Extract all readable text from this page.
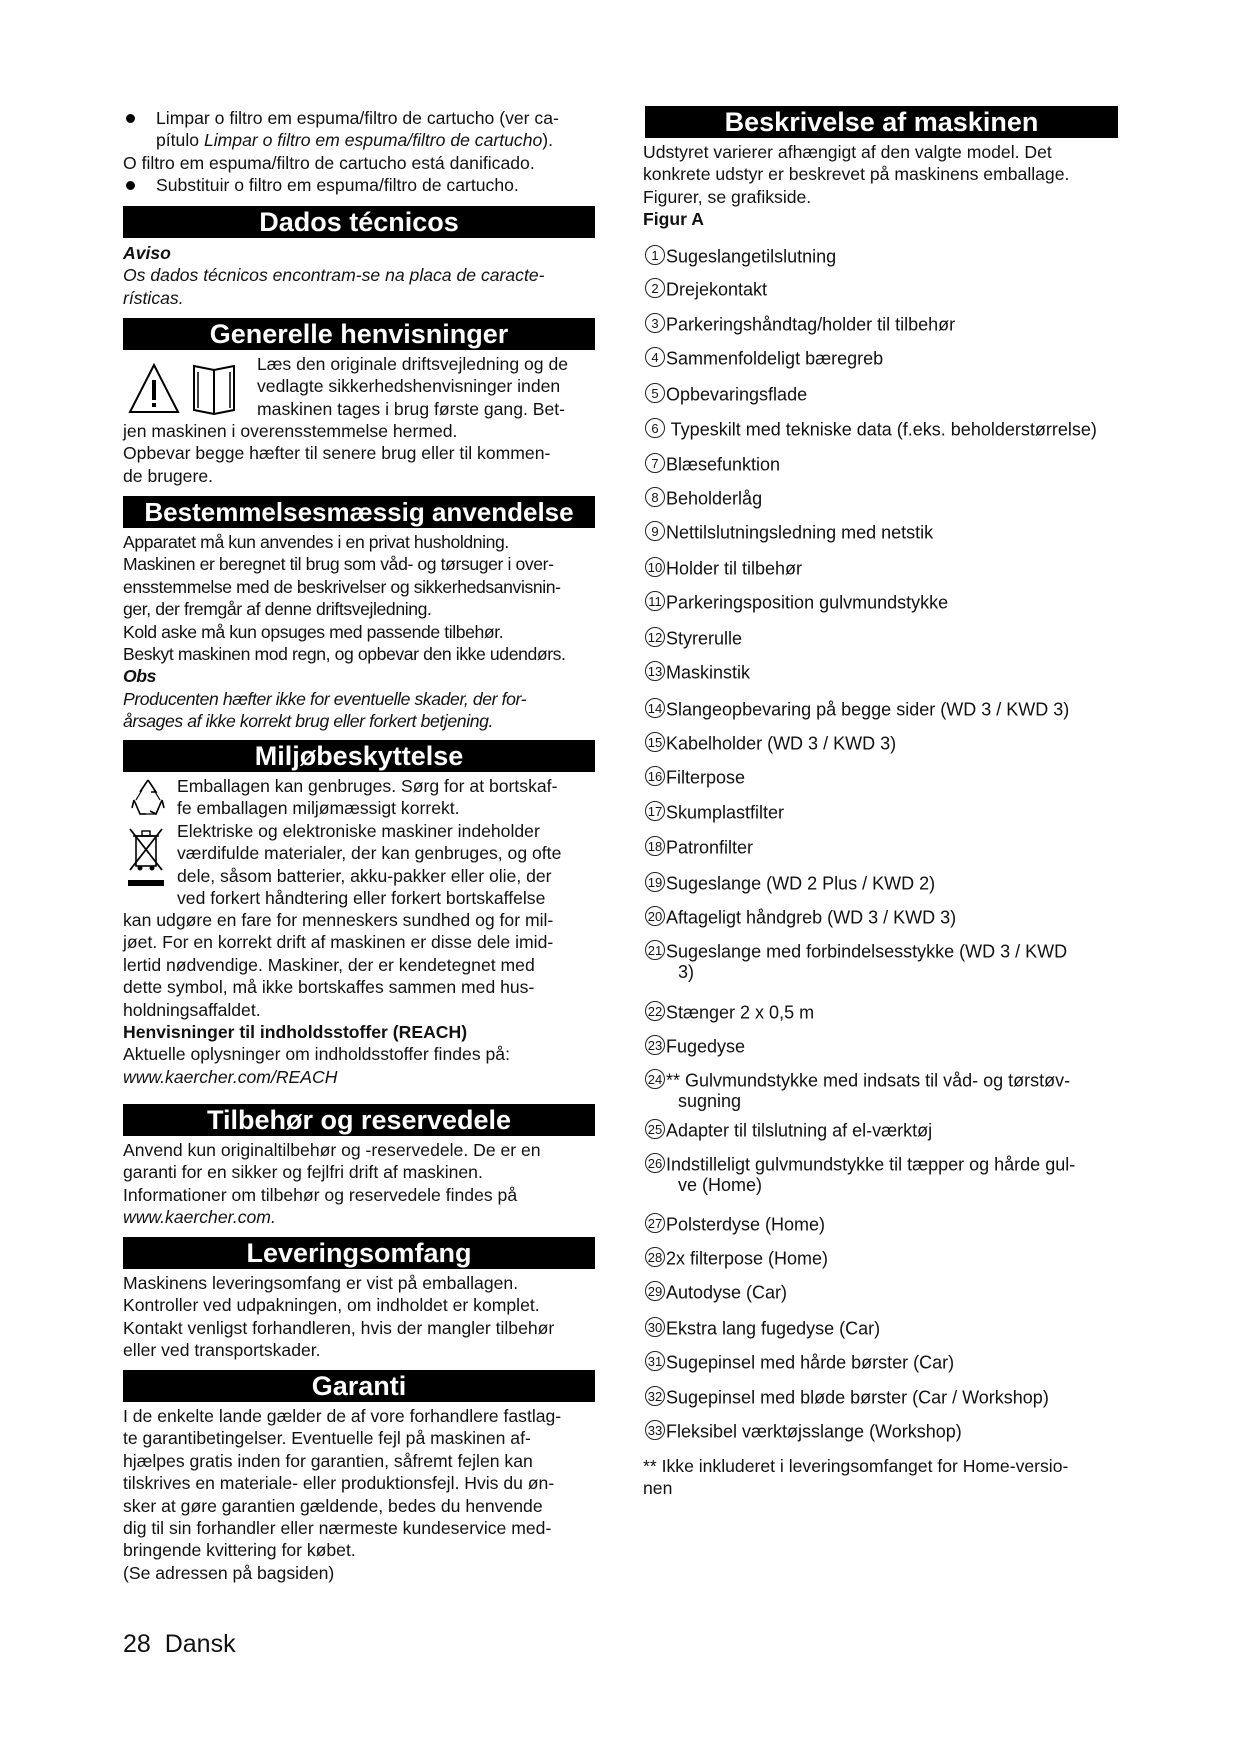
Limpar o filtro em espuma/filtro de cartucho (ver ca-
pítulo Limpar o filtro em espuma/filtro de cartucho).
O filtro em espuma/filtro de cartucho está danificado.
Substituir o filtro em espuma/filtro de cartucho.
Dados técnicos
Aviso
Os dados técnicos encontram-se na placa de caracte-
rísticas.
Generelle henvisninger
Læs den originale driftsvejledning og de
vedlagte sikkerhedshenvisninger inden
maskinen tages i brug første gang. Bet-
jen maskinen i overensstemmelse hermed.
Opbevar begge hæfter til senere brug eller til kommen-
de brugere.
Bestemmelsesmæssig anvendelse
Apparatet må kun anvendes i en privat husholdning.
Maskinen er beregnet til brug som våd- og tørsuger i over-
ensstemmelse med de beskrivelser og sikkerhedsanvisnin-
ger, der fremgår af denne driftsvejledning.
Kold aske må kun opsuges med passende tilbehør.
Beskyt maskinen mod regn, og opbevar den ikke udendørs.
Obs
Producenten hæfter ikke for eventuelle skader, der for-
årsages af ikke korrekt brug eller forkert betjening.
Miljøbeskyttelse
Emballagen kan genbruges. Sørg for at bortskaf-
fe emballagen miljømæssigt korrekt.
Elektriske og elektroniske maskiner indeholder
værdifulde materialer, der kan genbruges, og ofte
dele, såsom batterier, akku-pakker eller olie, der
ved forkert håndtering eller forkert bortskaffelse
kan udgøre en fare for menneskers sundhed og for mil-
jøet. For en korrekt drift af maskinen er disse dele imid-
lertid nødvendige. Maskiner, der er kendetegnet med
dette symbol, må ikke bortskaffes sammen med hus-
holdningsaffaldet.
Henvisninger til indholdsstoffer (REACH)
Aktuelle oplysninger om indholdsstoffer findes på:
www.kaercher.com/REACH
Tilbehør og reservedele
Anvend kun originaltilbehør og -reservedele. De er en
garanti for en sikker og fejlfri drift af maskinen.
Informationer om tilbehør og reservedele findes på
www.kaercher.com.
Leveringsomfang
Maskinens leveringsomfang er vist på emballagen.
Kontroller ved udpakningen, om indholdet er komplet.
Kontakt venligst forhandleren, hvis der mangler tilbehør
eller ved transportskader.
Garanti
I de enkelte lande gælder de af vore forhandlere fastlag-
te garantibetingelser. Eventuelle fejl på maskinen af-
hjælpes gratis inden for garantien, såfremt fejlen kan
tilskrives en materiale- eller produktionsfejl. Hvis du øn-
sker at gøre garantien gældende, bedes du henvende
dig til sin forhandler eller nærmeste kundeservice med-
bringende kvittering for købet.
(Se adressen på bagsiden)
28 Dansk
Beskrivelse af maskinen
Udstyret varierer afhængigt af den valgte model. Det
konkrete udstyr er beskrevet på maskinens emballage.
Figurer, se grafikside.
Figur A
1 Sugeslangetilslutning
2 Drejekontakt
3 Parkeringshåndtag/holder til tilbehør
4 Sammenfoldeligt bæregreb
5 Opbevaringsflade
6 Typeskilt med tekniske data (f.eks. beholderstørrelse)
7 Blæsefunktion
8 Beholderlåg
9 Nettilslutningsledning med netstik
10 Holder til tilbehør
11 Parkeringsposition gulvmundstykke
12 Styrerulle
13 Maskinstik
14 Slangeopbevaring på begge sider (WD 3 / KWD 3)
15 Kabelholder (WD 3 / KWD 3)
16 Filterpose
17 Skumplastfilter
18 Patronfilter
19 Sugeslange (WD 2 Plus / KWD 2)
20 Aftageligt håndgreb (WD 3 / KWD 3)
21 Sugeslange med forbindelsesstykke (WD 3 / KWD
3)
22 Stænger 2 x 0,5 m
23 Fugedyse
24 ** Gulvmundstykke med indsats til våd- og tørstøv-
sugning
25 Adapter til tilslutning af el-værktøj
26 Indstilleligt gulvmundstykke til tæpper og hårde gul-
ve (Home)
27 Polsterdyse (Home)
28 2x filterpose (Home)
29 Autodyse (Car)
30 Ekstra lang fugedyse (Car)
31 Sugepinsel med hårde børster (Car)
32 Sugepinsel med bløde børster (Car / Workshop)
33 Fleksibel værktøjsslange (Workshop)
** Ikke inkluderet i leveringsomfanget for Home-versio-
nen
